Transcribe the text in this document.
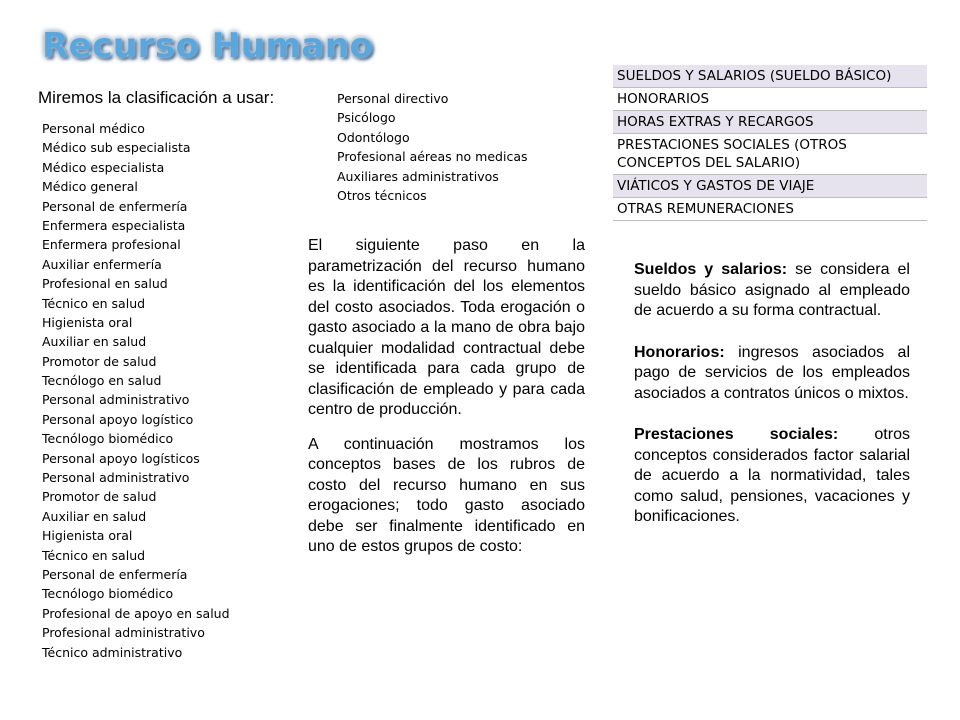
Recurso Humano
Miremos la clasificación a usar:
Personal médico
Médico sub especialista
Médico especialista
Médico general
Personal de enfermería
Enfermera especialista
Enfermera profesional
Auxiliar enfermería
Profesional en salud
Técnico en salud
Higienista oral
Auxiliar en salud
Promotor de salud
Tecnólogo en salud
Personal administrativo
Personal apoyo logístico
Tecnólogo biomédico
Personal apoyo logísticos
Personal administrativo
Promotor de salud
Auxiliar en salud
Higienista oral
Técnico en salud
Personal de enfermería
Tecnólogo biomédico
Profesional de apoyo en salud
Profesional administrativo
Técnico administrativo
Personal directivo
Psicólogo
Odontólogo
Profesional aéreas no medicas
Auxiliares administrativos
Otros técnicos
SUELDOS Y SALARIOS (SUELDO BÁSICO)
HONORARIOS
HORAS EXTRAS Y RECARGOS
PRESTACIONES SOCIALES (OTROS CONCEPTOS DEL SALARIO)
VIÁTICOS Y GASTOS DE VIAJE
OTRAS REMUNERACIONES

El siguiente paso en la parametrización del recurso humano es la identificación del los elementos del costo asociados. Toda erogación o gasto asociado a la mano de obra bajo cualquier modalidad contractual debe se identificada para cada grupo de clasificación de empleado y para cada centro de producción.

A continuación mostramos los conceptos bases de los rubros de costo del recurso humano en sus erogaciones; todo gasto asociado debe ser finalmente identificado en uno de estos grupos de costo:

Sueldos y salarios: se considera el sueldo básico asignado al empleado de acuerdo a su forma contractual.

Honorarios: ingresos asociados al pago de servicios de los empleados asociados a contratos únicos o mixtos.

Prestaciones sociales: otros conceptos considerados factor salarial de acuerdo a la normatividad, tales como salud, pensiones, vacaciones y bonificaciones.
